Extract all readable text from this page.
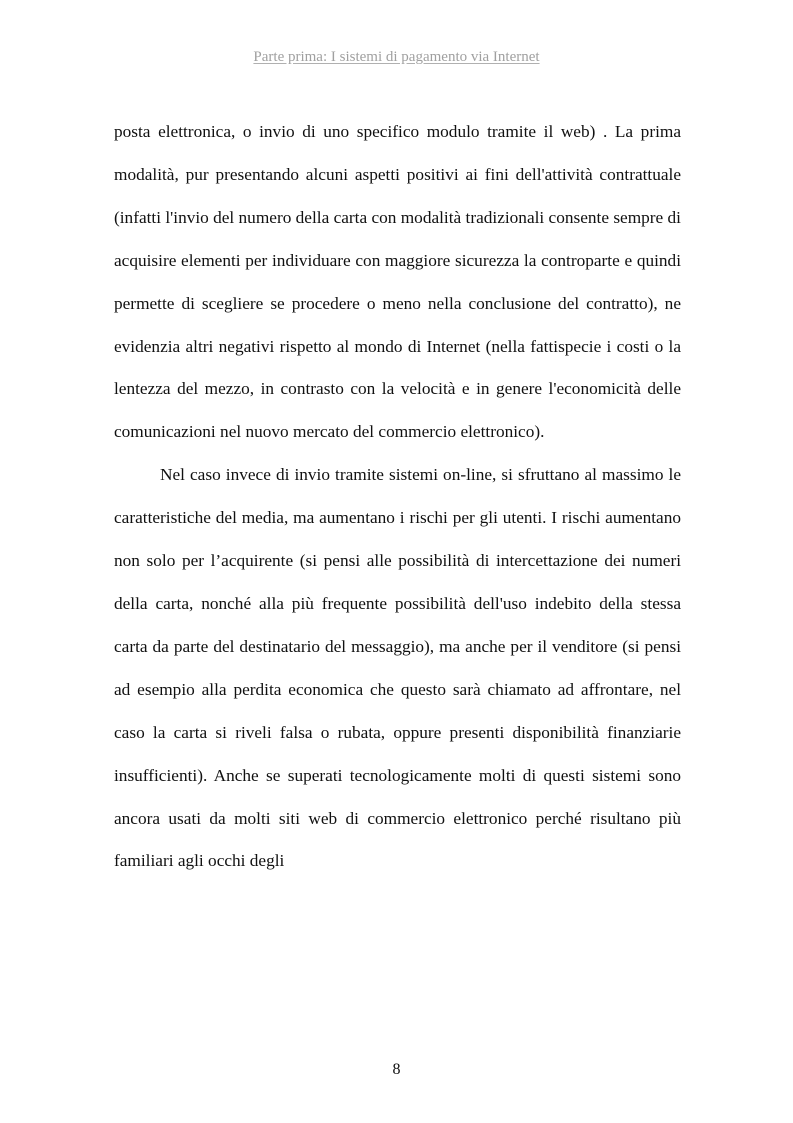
Parte prima: I sistemi di pagamento via Internet

posta elettronica, o invio di uno specifico modulo tramite il web) . La prima modalità, pur presentando alcuni aspetti positivi ai fini dell'attività contrattuale (infatti l'invio del numero della carta con modalità tradizionali consente sempre di acquisire elementi per individuare con maggiore sicurezza la controparte e quindi permette di scegliere se procedere o meno nella conclusione del contratto), ne evidenzia altri negativi rispetto al mondo di Internet (nella fattispecie i costi o la lentezza del mezzo, in contrasto con la velocità e in genere l'economicità delle comunicazioni nel nuovo mercato del commercio elettronico).

Nel caso invece di invio tramite sistemi on-line, si sfruttano al massimo le caratteristiche del media, ma aumentano i rischi per gli utenti. I rischi aumentano non solo per l’acquirente (si pensi alle possibilità di intercettazione dei numeri della carta, nonché alla più frequente possibilità dell'uso indebito della stessa carta da parte del destinatario del messaggio), ma anche per il venditore (si pensi ad esempio alla perdita economica che questo sarà chiamato ad affrontare, nel caso la carta si riveli falsa o rubata, oppure presenti disponibilità finanziarie insufficienti). Anche se superati tecnologicamente molti di questi sistemi sono ancora usati da molti siti web di commercio elettronico perché risultano più familiari agli occhi degli

8
